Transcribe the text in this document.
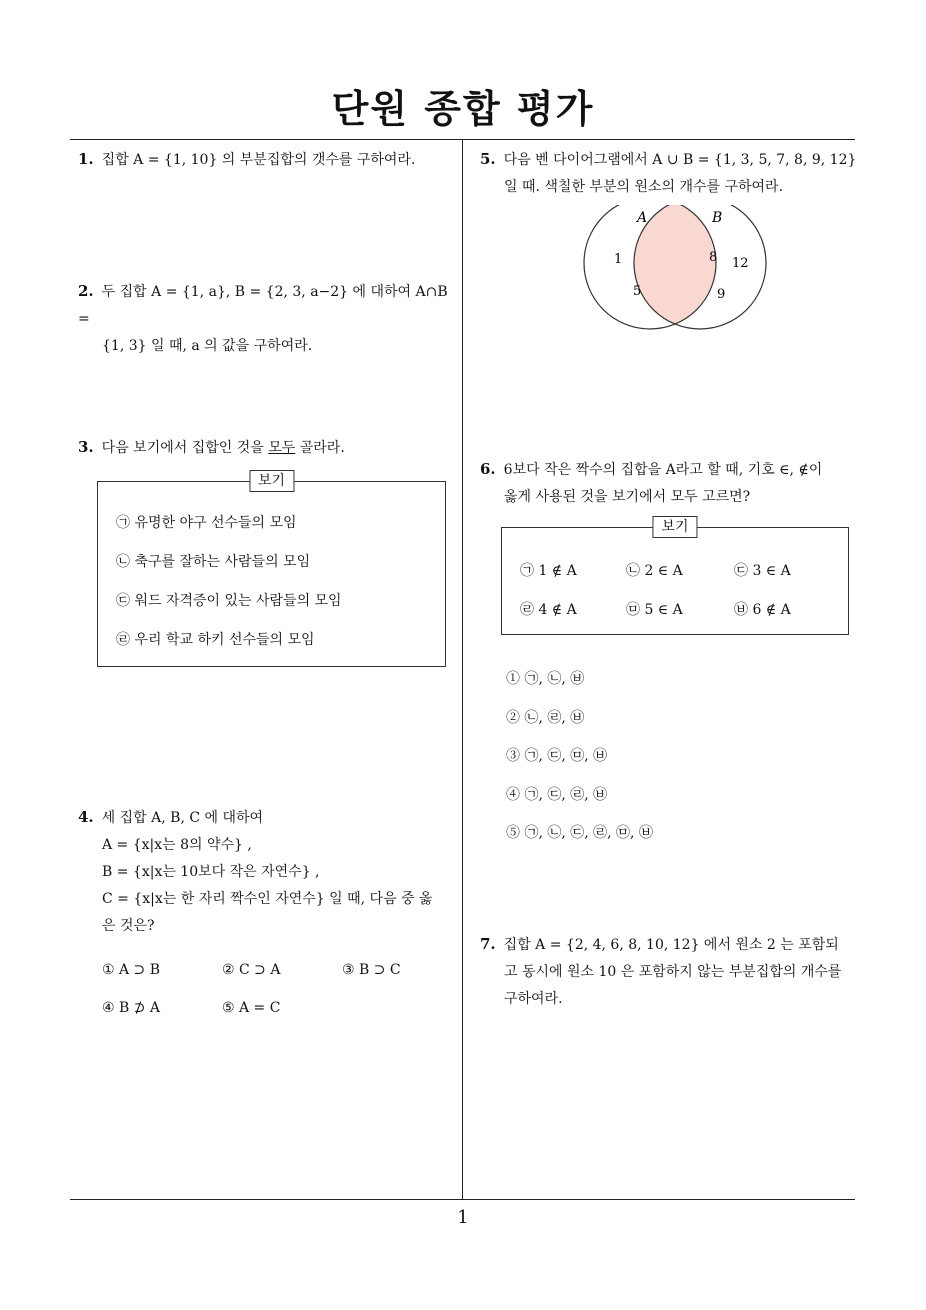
단원 종합 평가
1. 집합 A = {1, 10} 의 부분집합의 갯수를 구하여라.
2. 두 집합 A = {1, a}, B = {2, 3, a−2} 에 대하여 A∩B =
{1, 3} 일 때, a 의 값을 구하여라.
3. 다음 보기에서 집합인 것을 모두 골라라.
보기
㉠ 유명한 야구 선수들의 모임
㉡ 축구를 잘하는 사람들의 모임
㉢ 워드 자격증이 있는 사람들의 모임
㉣ 우리 학교 하키 선수들의 모임
4. 세 집합 A, B, C 에 대하여
A = {x|x는 8의 약수} ,
B = {x|x는 10보다 작은 자연수} ,
C = {x|x는 한 자리 짝수인 자연수} 일 때, 다음 중 옳
은 것은?
① A ⊃ B	② C ⊃ A	③ B ⊃ C
④ B ⊅ A	⑤ A = C
5. 다음 벤 다이어그램에서 A ∪ B = {1, 3, 5, 7, 8, 9, 12}
일 때. 색칠한 부분의 원소의 개수를 구하여라.
A	B
1
5
8 12
9
6. 6보다 작은 짝수의 집합을 A라고 할 때, 기호 ∈, ∉이
옳게 사용된 것을 보기에서 모두 고르면?
보기
㉠ 1 ∉ A	㉡ 2 ∈ A	㉢ 3 ∈ A
㉣ 4 ∉ A	㉤ 5 ∈ A	㉥ 6 ∉ A
① ㉠, ㉡, ㉥
② ㉡, ㉣, ㉥
③ ㉠, ㉢, ㉤, ㉥
④ ㉠, ㉢, ㉣, ㉥
⑤ ㉠, ㉡, ㉢, ㉣, ㉤, ㉥
7. 집합 A = {2, 4, 6, 8, 10, 12} 에서 원소 2 는 포함되
고 동시에 원소 10 은 포함하지 않는 부분집합의 개수를
구하여라.
1
